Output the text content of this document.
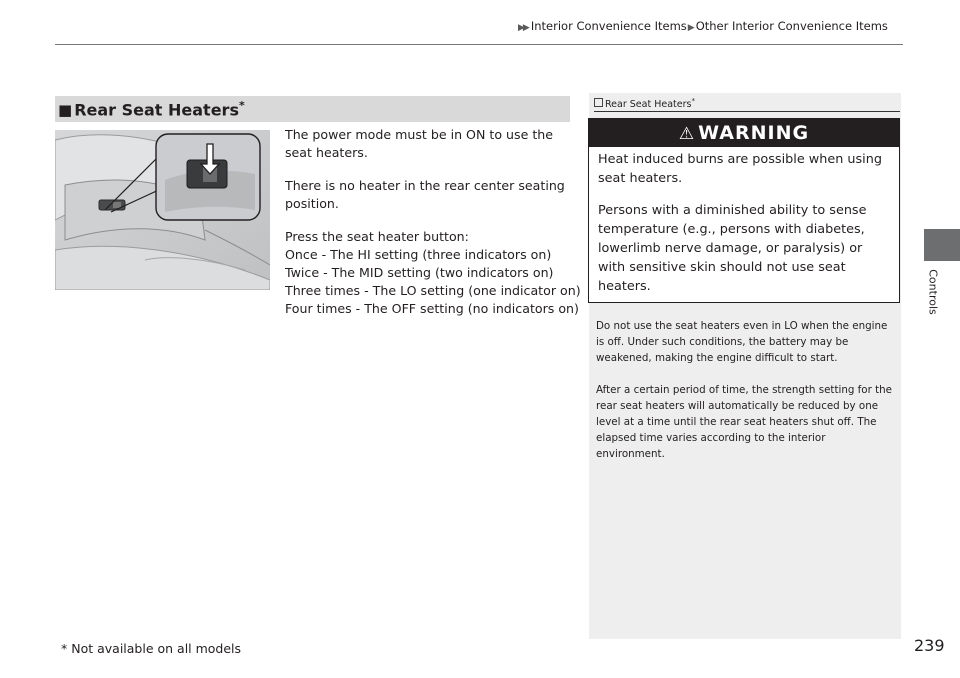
▶▶ Interior Convenience Items▶Other Interior Convenience Items
Controls
■ Rear Seat Heaters*

The power mode must be in ON to use the seat heaters.

There is no heater in the rear center seating position.

Press the seat heater button:
Once - The HI setting (three indicators on)
Twice - The MID setting (two indicators on)
Three times - The LO setting (one indicator on)
Four times - The OFF setting (no indicators on)
Rear Seat Heaters*
⚠ WARNING

Heat induced burns are possible when using seat heaters.

Persons with a diminished ability to sense temperature (e.g., persons with diabetes, lowerlimb nerve damage, or paralysis) or with sensitive skin should not use seat heaters.

Do not use the seat heaters even in LO when the engine is off. Under such conditions, the battery may be weakened, making the engine difficult to start.

After a certain period of time, the strength setting for the rear seat heaters will automatically be reduced by one level at a time until the rear seat heaters shut off. The elapsed time varies according to the interior environment.

* Not available on all models	239
